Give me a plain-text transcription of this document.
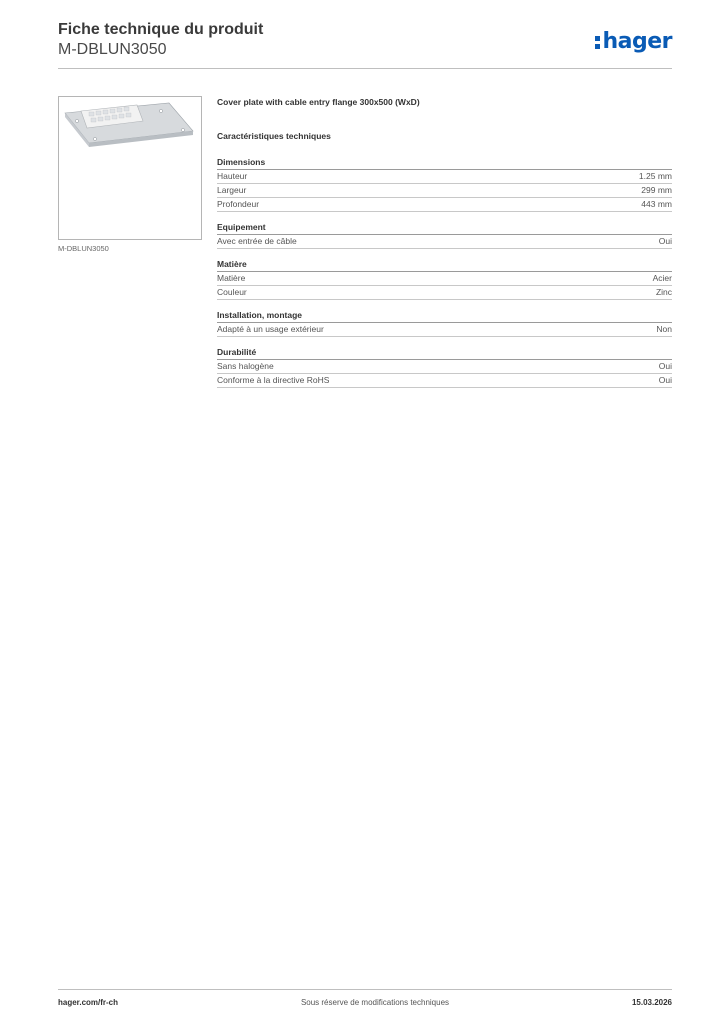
Fiche technique du produit
M-DBLUN3050	hager
M-DBLUN3050
Cover plate with cable entry flange 300x500 (WxD)
Caractéristiques techniques
Dimensions
Hauteur	1.25 mm
Largeur	299 mm
Profondeur	443 mm
Equipement
Avec entrée de câble	Oui
Matière
Matière	Acier
Couleur	Zinc
Installation, montage
Adapté à un usage extérieur	Non
Durabilité
Sans halogène	Oui
Conforme à la directive RoHS	Oui
hager.com/fr-ch	Sous réserve de modifications techniques	15.03.2026
